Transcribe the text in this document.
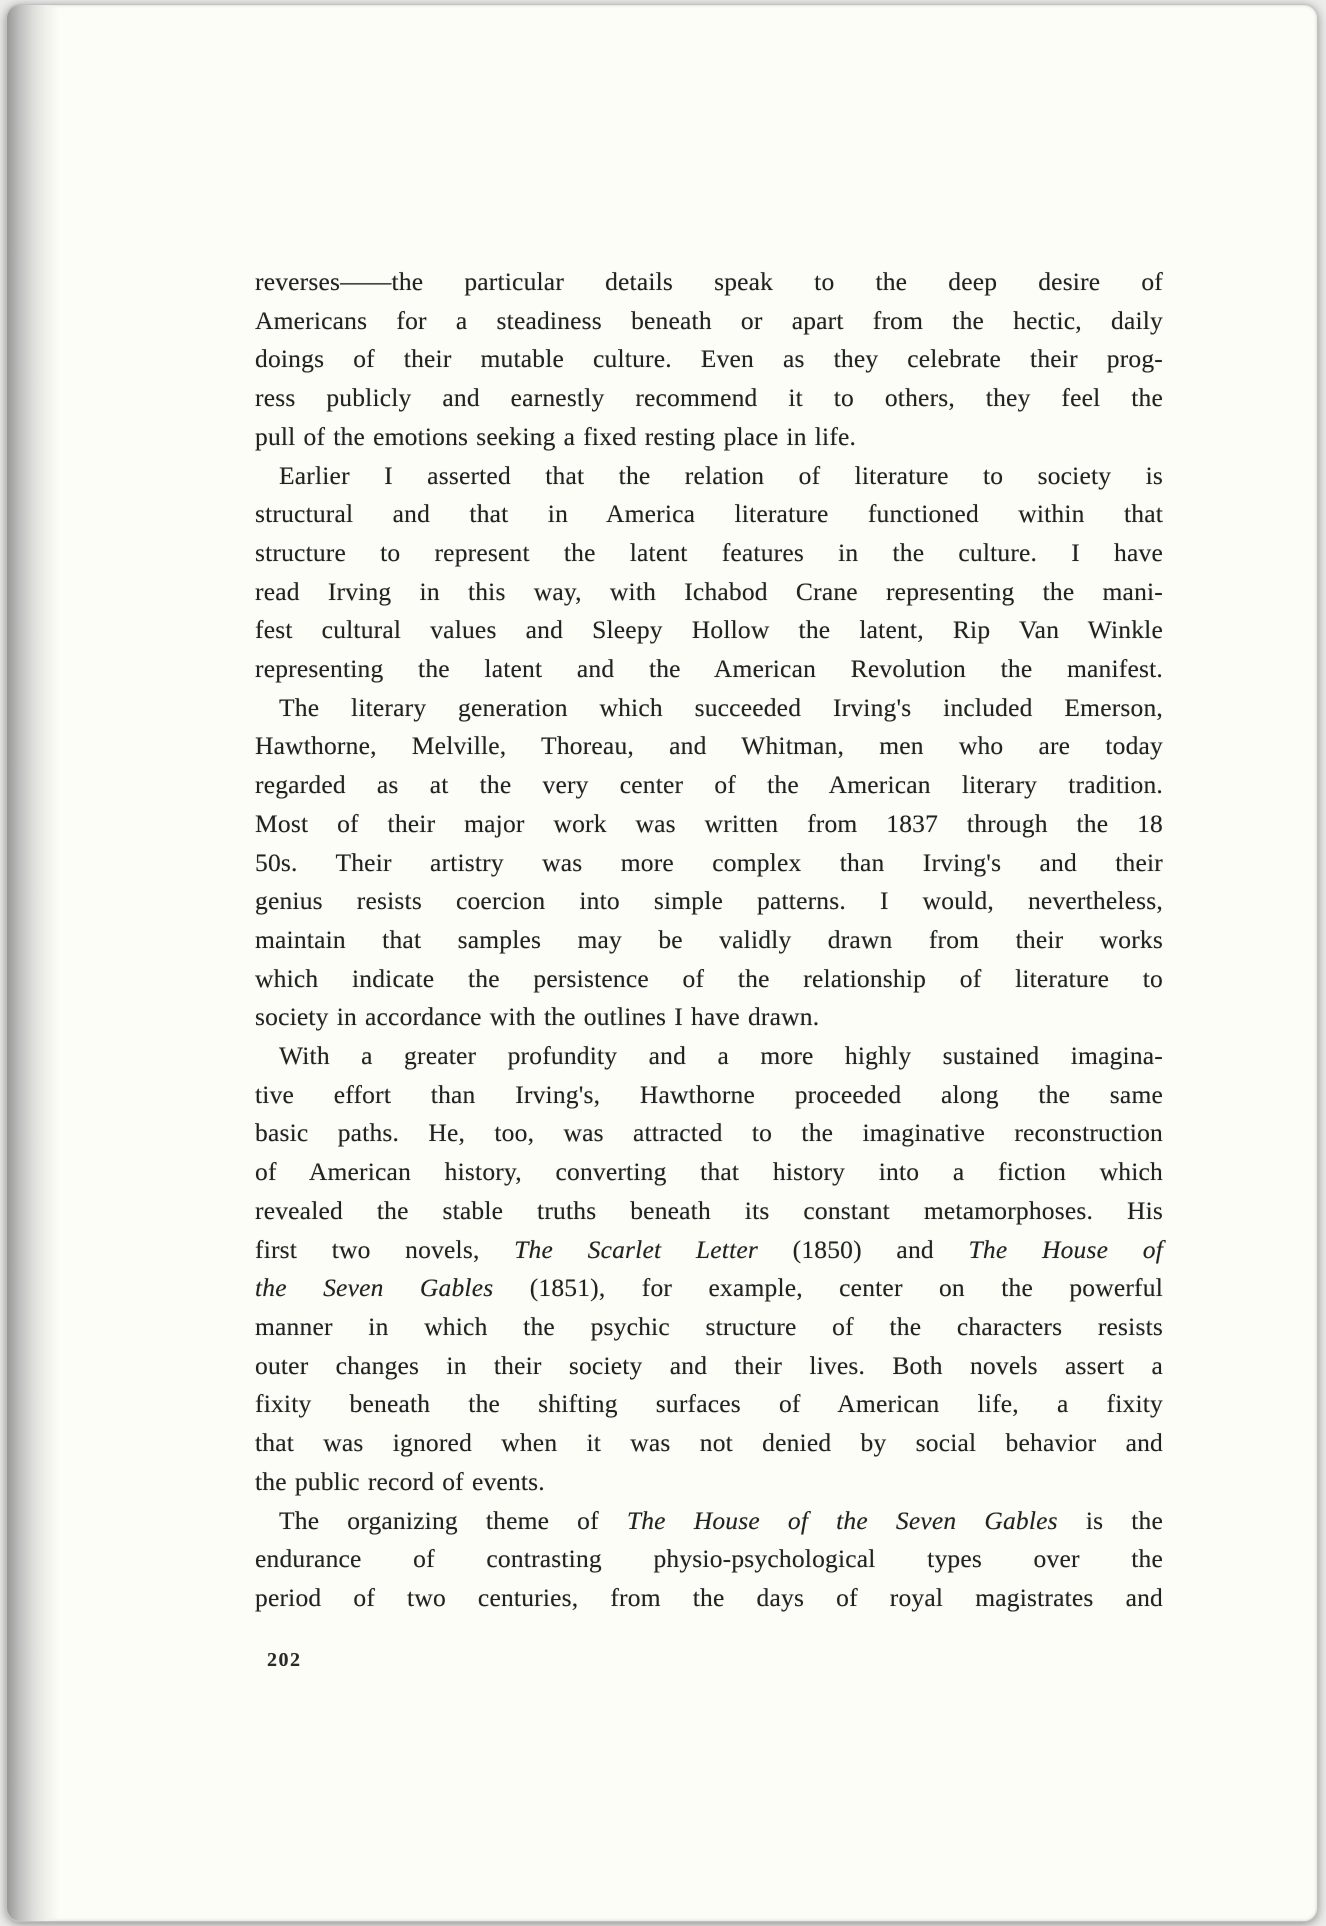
reverses——the particular details speak to the deep desire of
Americans for a steadiness beneath or apart from the hectic, daily
doings of their mutable culture. Even as they celebrate their prog-
ress publicly and earnestly recommend it to others, they feel the
pull of the emotions seeking a fixed resting place in life.
Earlier I asserted that the relation of literature to society is
structural and that in America literature functioned within that
structure to represent the latent features in the culture. I have
read Irving in this way, with Ichabod Crane representing the mani-
fest cultural values and Sleepy Hollow the latent, Rip Van Winkle
representing the latent and the American Revolution the manifest.
The literary generation which succeeded Irving's included Emerson,
Hawthorne, Melville, Thoreau, and Whitman, men who are today
regarded as at the very center of the American literary tradition.
Most of their major work was written from 1837 through the 18
50s. Their artistry was more complex than Irving's and their
genius resists coercion into simple patterns. I would, nevertheless,
maintain that samples may be validly drawn from their works
which indicate the persistence of the relationship of literature to
society in accordance with the outlines I have drawn.
With a greater profundity and a more highly sustained imagina-
tive effort than Irving's, Hawthorne proceeded along the same
basic paths. He, too, was attracted to the imaginative reconstruction
of American history, converting that history into a fiction which
revealed the stable truths beneath its constant metamorphoses. His
first two novels, The Scarlet Letter (1850) and The House of
the Seven Gables (1851), for example, center on the powerful
manner in which the psychic structure of the characters resists
outer changes in their society and their lives. Both novels assert a
fixity beneath the shifting surfaces of American life, a fixity
that was ignored when it was not denied by social behavior and
the public record of events.
The organizing theme of The House of the Seven Gables is the
endurance of contrasting physio-psychological types over the
period of two centuries, from the days of royal magistrates and
202
